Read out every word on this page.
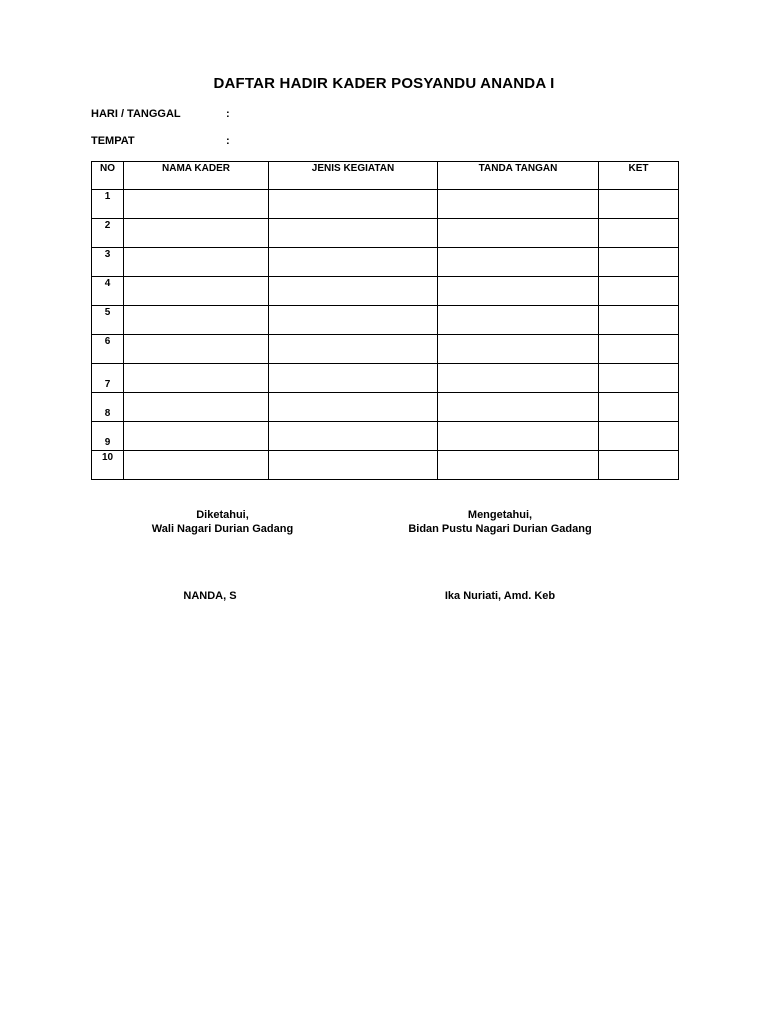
DAFTAR HADIR KADER POSYANDU ANANDA I
HARI / TANGGAL	:
TEMPAT	:
NO	NAMA KADER	JENIS KEGIATAN	TANDA TANGAN	KET
1				
2				
3				
4				
5				
6				

7				

8				

9				

10				

Diketahui,
Wali Nagari Durian Gadang
Mengetahui,
Bidan Pustu Nagari Durian Gadang
NANDA, S	Ika Nuriati, Amd. Keb
